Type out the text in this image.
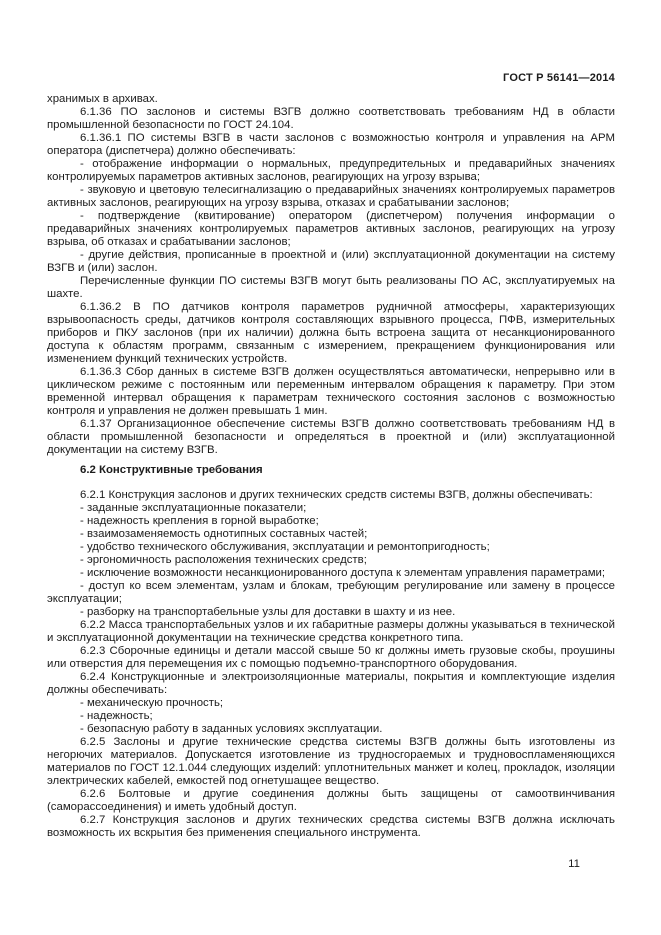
ГОСТ Р 56141—2014

хранимых в архивах.

6.1.36 ПО заслонов и системы ВЗГВ должно соответствовать требованиям НД в области промышленной безопасности по ГОСТ 24.104.

6.1.36.1 ПО системы ВЗГВ в части заслонов с возможностью контроля и управления на АРМ оператора (диспетчера) должно обеспечивать:

- отображение информации о нормальных, предупредительных и предаварийных значениях контролируемых параметров активных заслонов, реагирующих на угрозу взрыва;

- звуковую и цветовую телесигнализацию о предаварийных значениях контролируемых параметров активных заслонов, реагирующих на угрозу взрыва, отказах и срабатывании заслонов;

- подтверждение (квитирование) оператором (диспетчером) получения информации о предаварийных значениях контролируемых параметров активных заслонов, реагирующих на угрозу взрыва, об отказах и срабатывании заслонов;

- другие действия, прописанные в проектной и (или) эксплуатационной документации на систему ВЗГВ и (или) заслон.

Перечисленные функции ПО системы ВЗГВ могут быть реализованы ПО АС, эксплуатируемых на шахте.

6.1.36.2 В ПО датчиков контроля параметров рудничной атмосферы, характеризующих взрывоопасность среды, датчиков контроля составляющих взрывного процесса, ПФВ, измерительных приборов и ПКУ заслонов (при их наличии) должна быть встроена защита от несанкционированного доступа к областям программ, связанным с измерением, прекращением функционирования или изменением функций технических устройств.

6.1.36.3 Сбор данных в системе ВЗГВ должен осуществляться автоматически, непрерывно или в циклическом режиме с постоянным или переменным интервалом обращения к параметру. При этом временной интервал обращения к параметрам технического состояния заслонов с возможностью контроля и управления не должен превышать 1 мин.

6.1.37 Организационное обеспечение системы ВЗГВ должно соответствовать требованиям НД в области промышленной безопасности и определяться в проектной и (или) эксплуатационной документации на систему ВЗГВ.

6.2 Конструктивные требования

6.2.1 Конструкция заслонов и других технических средств системы ВЗГВ, должны обеспечивать:

- заданные эксплуатационные показатели;

- надежность крепления в горной выработке;

- взаимозаменяемость однотипных составных частей;

- удобство технического обслуживания, эксплуатации и ремонтопригодность;

- эргономичность расположения технических средств;

- исключение возможности несанкционированного доступа к элементам управления параметрами;

- доступ ко всем элементам, узлам и блокам, требующим регулирование или замену в процессе эксплуатации;

- разборку на транспортабельные узлы для доставки в шахту и из нее.

6.2.2 Масса транспортабельных узлов и их габаритные размеры должны указываться в технической и эксплуатационной документации на технические средства конкретного типа.

6.2.3 Сборочные единицы и детали массой свыше 50 кг должны иметь грузовые скобы, проушины или отверстия для перемещения их с помощью подъемно-транспортного оборудования.

6.2.4 Конструкционные и электроизоляционные материалы, покрытия и комплектующие изделия должны обеспечивать:

- механическую прочность;

- надежность;

- безопасную работу в заданных условиях эксплуатации.

6.2.5 Заслоны и другие технические средства системы ВЗГВ должны быть изготовлены из негорючих материалов. Допускается изготовление из трудносгораемых и трудновоспламеняющихся материалов по ГОСТ 12.1.044 следующих изделий: уплотнительных манжет и колец, прокладок, изоляции электрических кабелей, емкостей под огнетушащее вещество.

6.2.6 Болтовые и другие соединения должны быть защищены от самоотвинчивания (саморассоединения) и иметь удобный доступ.

6.2.7 Конструкция заслонов и других технических средства системы ВЗГВ должна исключать возможность их вскрытия без применения специального инструмента.

11
